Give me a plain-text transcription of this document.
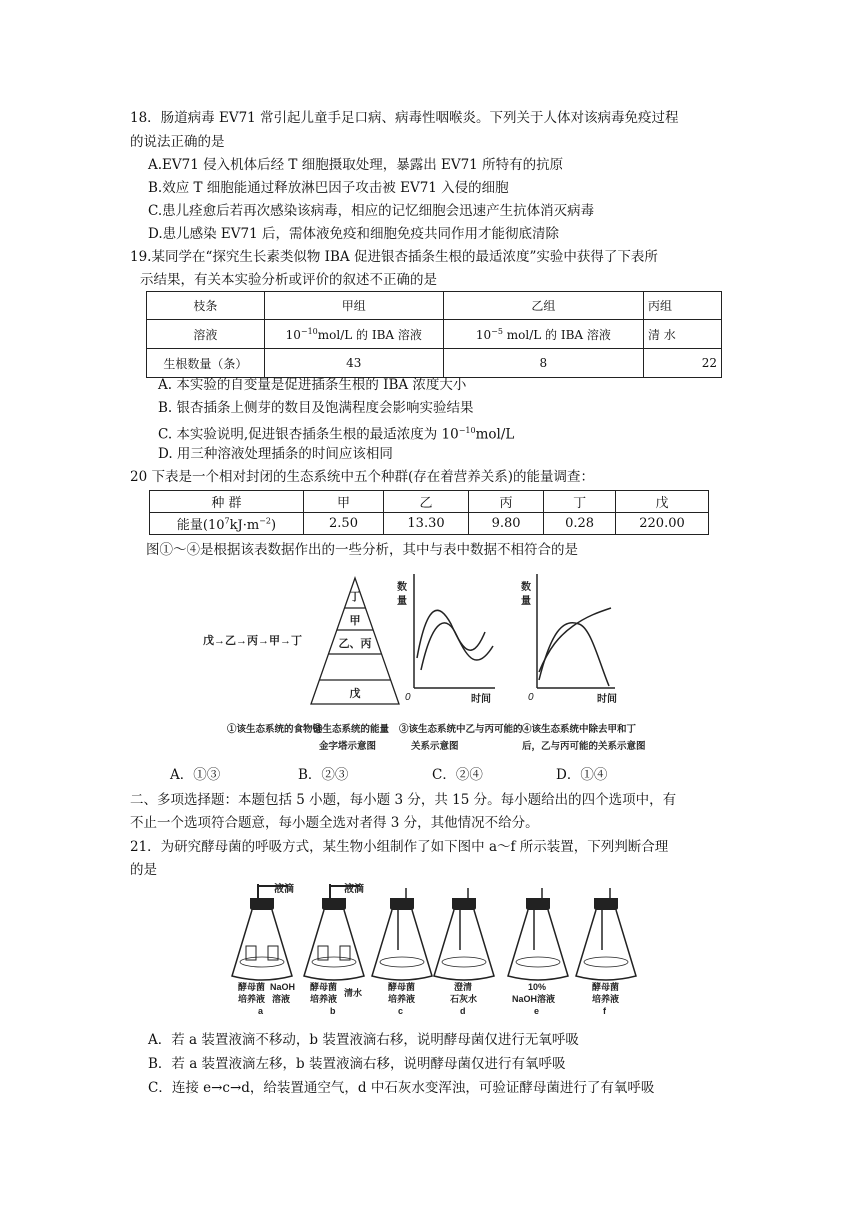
18．肠道病毒 EV71 常引起儿童手足口病、病毒性咽喉炎。下列关于人体对该病毒免疫过程
的说法正确的是
A.EV71 侵入机体后经 T 细胞摄取处理，暴露出 EV71 所特有的抗原
B.效应 T 细胞能通过释放淋巴因子攻击被 EV71 入侵的细胞
C.患儿痊愈后若再次感染该病毒，相应的记忆细胞会迅速产生抗体消灭病毒
D.患儿感染 EV71 后，需体液免疫和细胞免疫共同作用才能彻底清除
19.某同学在“探究生长素类似物 IBA 促进银杏插条生根的最适浓度”实验中获得了下表所
示结果，有关本实验分析或评价的叙述不正确的是
枝条	甲组	乙组	丙组
溶液	$10^{-10}mol/L$ 的 IBA 溶液	$10^{-5}$ mol/L 的 IBA 溶液	清 水
生根数量（条）	43	8	22
A. 本实验的自变量是促进插条生根的 IBA 浓度大小
B. 银杏插条上侧芽的数目及饱满程度会影响实验结果
C. 本实验说明,促进银杏插条生根的最适浓度为 $10^{-10}mol/L$
D. 用三种溶液处理插条的时间应该相同
20 下表是一个相对封闭的生态系统中五个种群(存在着营养关系)的能量调查：
种 群	甲	乙	丙	丁	戊
能量$(10^7kJ\cdot m^{-2})$	2.50	13.30	9.80	0.28	220.00
图①～④是根据该表数据作出的一些分析，其中与表中数据不相符合的是
戊→乙→丙→甲→丁
丁
甲
乙、丙
戊
数
量
0	时间
数
量
0	时间
①该生态系统的食物链
②生态系统的能量
金字塔示意图
③该生态系统中乙与丙可能的
关系示意图
④该生态系统中除去甲和丁
后，乙与丙可能的关系示意图
A．①③	B．②③	C．②④	D．①④
二、多项选择题：本题包括 5 小题，每小题 3 分，共 15 分。每小题给出的四个选项中，有
不止一个选项符合题意，每小题全选对者得 3 分，其他情况不给分。
21．为研究酵母菌的呼吸方式，某生物小组制作了如下图中 a～f 所示装置，下列判断合理
的是
液滴	液滴
酵母菌
培养液
NaOH
溶液
a
酵母菌
培养液
清水
b
酵母菌
培养液
c
澄清
石灰水
d
10%
NaOH溶液
e
酵母菌
培养液
f
A．若 a 装置液滴不移动，b 装置液滴右移，说明酵母菌仅进行无氧呼吸
B．若 a 装置液滴左移，b 装置液滴右移，说明酵母菌仅进行有氧呼吸
C．连接 e→c→d，给装置通空气，d 中石灰水变浑浊，可验证酵母菌进行了有氧呼吸
